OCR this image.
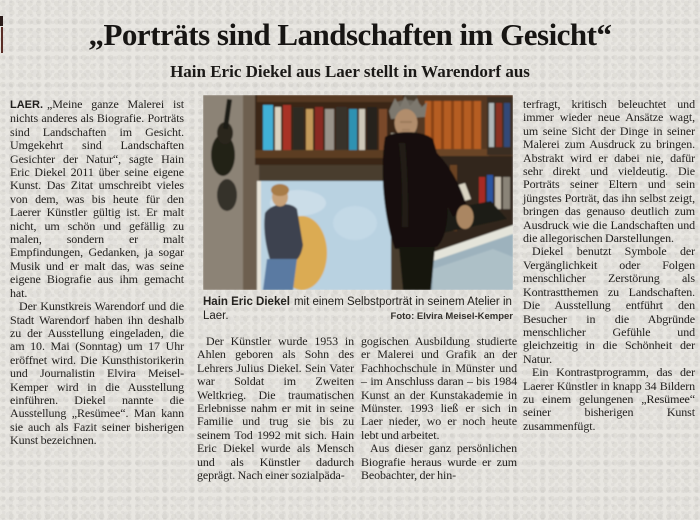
„Porträts sind Landschaften im Gesicht“
Hain Eric Diekel aus Laer stellt in Warendorf aus

LAER. „Meine ganze Malerei ist nichts anderes als Biografie. Porträts sind Landschaften im Gesicht. Umgekehrt sind Landschaften Gesichter der Natur“, sagte Hain Eric Diekel 2011 über seine eigene Kunst. Das Zitat umschreibt vieles von dem, was bis heute für den Laerer Künstler gültig ist. Er malt nicht, um schön und gefällig zu malen, sondern er malt Empfindungen, Gedanken, ja sogar Musik und er malt das, was seine eigene Biografie aus ihm gemacht hat.

Der Kunstkreis Warendorf und die Stadt Warendorf haben ihn deshalb zu der Ausstellung eingeladen, die am 10. Mai (Sonntag) um 17 Uhr eröffnet wird. Die Kunsthistorikerin und Journalistin Elvira Meisel-Kemper wird in die Ausstellung einführen. Diekel nannte die Ausstellung „Resümee“. Man kann sie auch als Fazit seiner bisherigen Kunst bezeichnen.

Hain Eric Diekel mit einem Selbstporträt in seinem Atelier in Laer.	Foto: Elvira Meisel-Kemper

Der Künstler wurde 1953 in Ahlen geboren als Sohn des Lehrers Julius Diekel. Sein Vater war Soldat im Zweiten Weltkrieg. Die traumatischen Erlebnisse nahm er mit in seine Familie und trug sie bis zu seinem Tod 1992 mit sich. Hain Eric Diekel wurde als Mensch und als Künstler dadurch geprägt. Nach einer sozialpäda-

gogischen Ausbildung studierte er Malerei und Grafik an der Fachhochschule in Münster und – im Anschluss daran – bis 1984 Kunst an der Kunstakademie in Münster. 1993 ließ er sich in Laer nieder, wo er noch heute lebt und arbeitet.

Aus dieser ganz persönlichen Biografie heraus wurde er zum Beobachter, der hin-

terfragt, kritisch beleuchtet und immer wieder neue Ansätze wagt, um seine Sicht der Dinge in seiner Malerei zum Ausdruck zu bringen. Abstrakt wird er dabei nie, dafür sehr direkt und vieldeutig. Die Porträts seiner Eltern und sein jüngstes Porträt, das ihn selbst zeigt, bringen das genauso deutlich zum Ausdruck wie die Landschaften und die allegorischen Darstellungen.

Diekel benutzt Symbole der Vergänglichkeit oder Folgen menschlicher Zerstörung als Kontrastthemen zu Landschaften. Die Ausstellung entführt den Besucher in die Abgründe menschlicher Gefühle und gleichzeitig in die Schönheit der Natur.

Ein Kontrastprogramm, das der Laerer Künstler in knapp 34 Bildern zu einem gelungenen „Resümee“ seiner bisherigen Kunst zusammenfügt.
